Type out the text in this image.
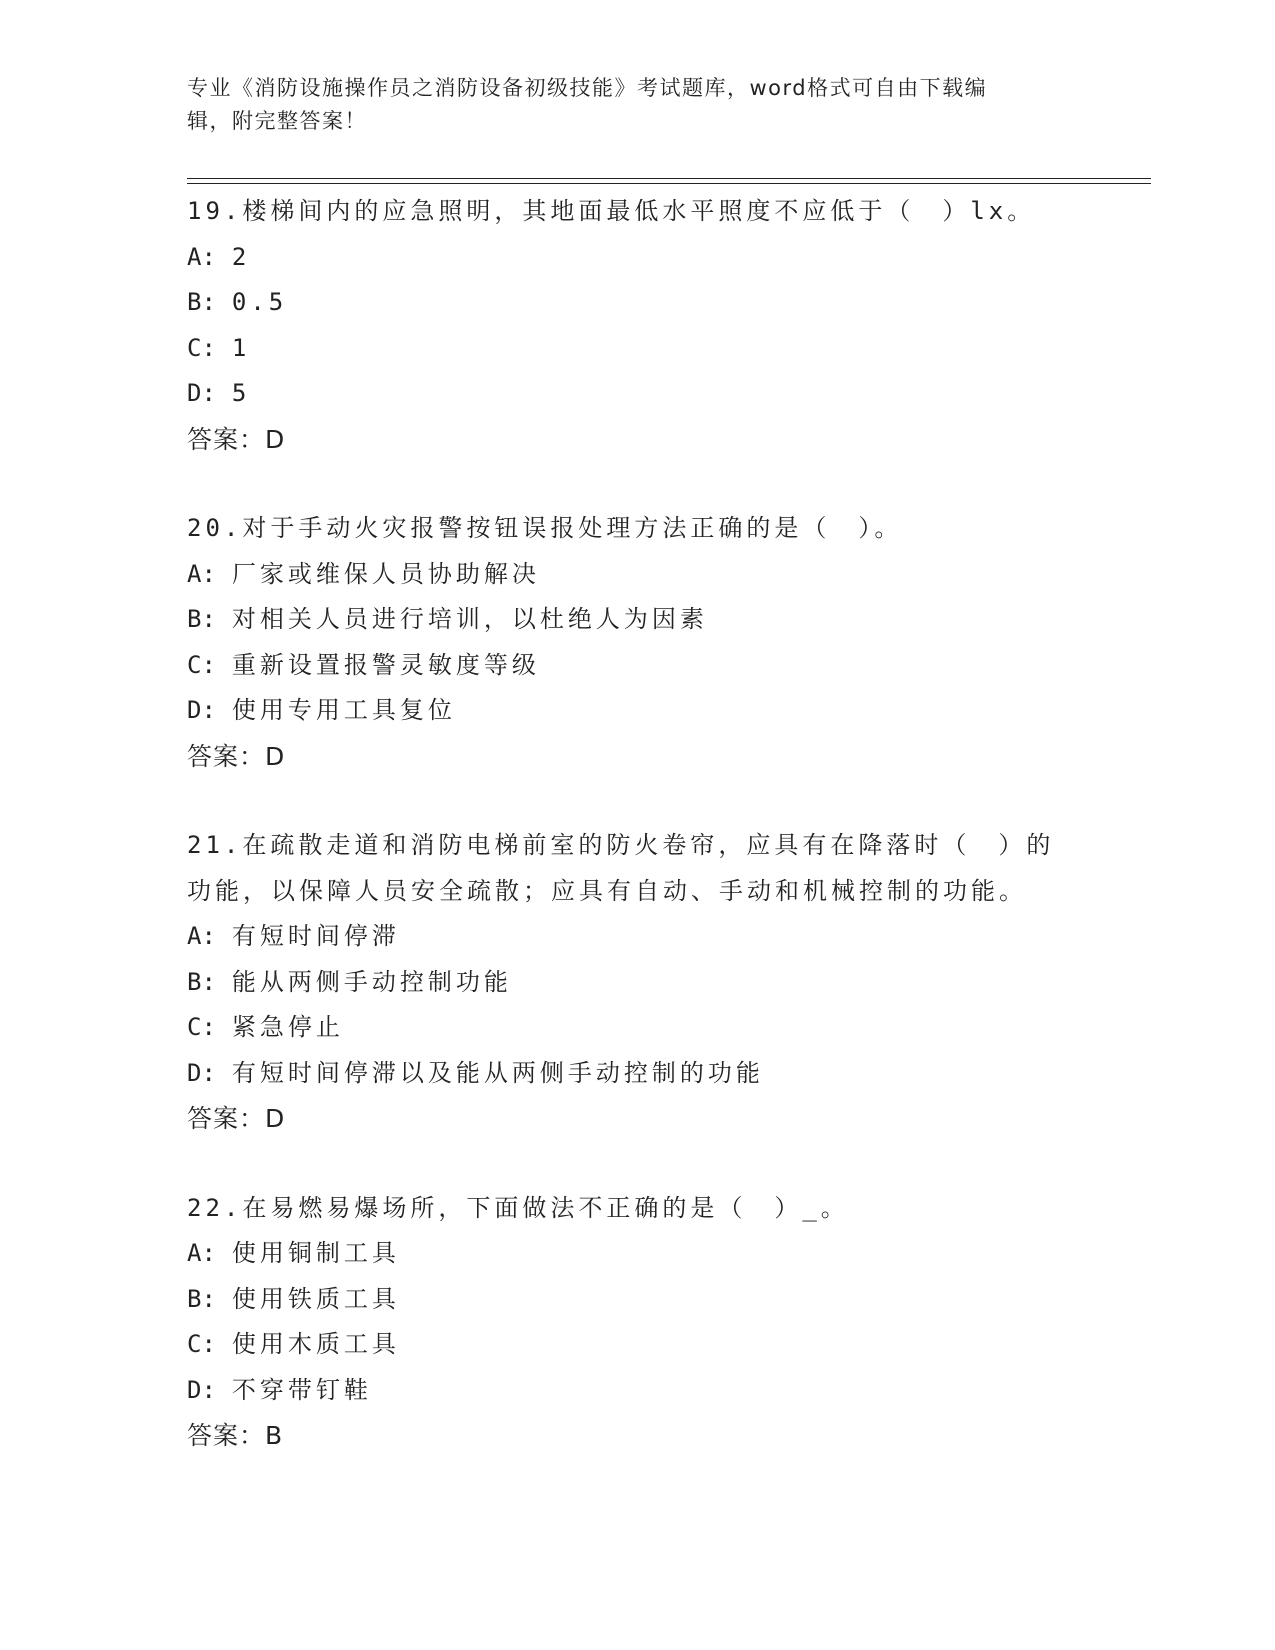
专业《消防设施操作员之消防设备初级技能》考试题库，word格式可自由下载编
辑，附完整答案！
19.楼梯间内的应急照明，其地面最低水平照度不应低于（　）lx。
A: 2
B: 0.5
C: 1
D: 5
答案：D
20.对于手动火灾报警按钮误报处理方法正确的是（　）。
A: 厂家或维保人员协助解决
B: 对相关人员进行培训，以杜绝人为因素
C: 重新设置报警灵敏度等级
D: 使用专用工具复位
答案：D
21.在疏散走道和消防电梯前室的防火卷帘，应具有在降落时（　）的
功能，以保障人员安全疏散；应具有自动、手动和机械控制的功能。
A: 有短时间停滞
B: 能从两侧手动控制功能
C: 紧急停止
D: 有短时间停滞以及能从两侧手动控制的功能
答案：D
22.在易燃易爆场所，下面做法不正确的是（　）_。
A: 使用铜制工具
B: 使用铁质工具
C: 使用木质工具
D: 不穿带钉鞋
答案：B
